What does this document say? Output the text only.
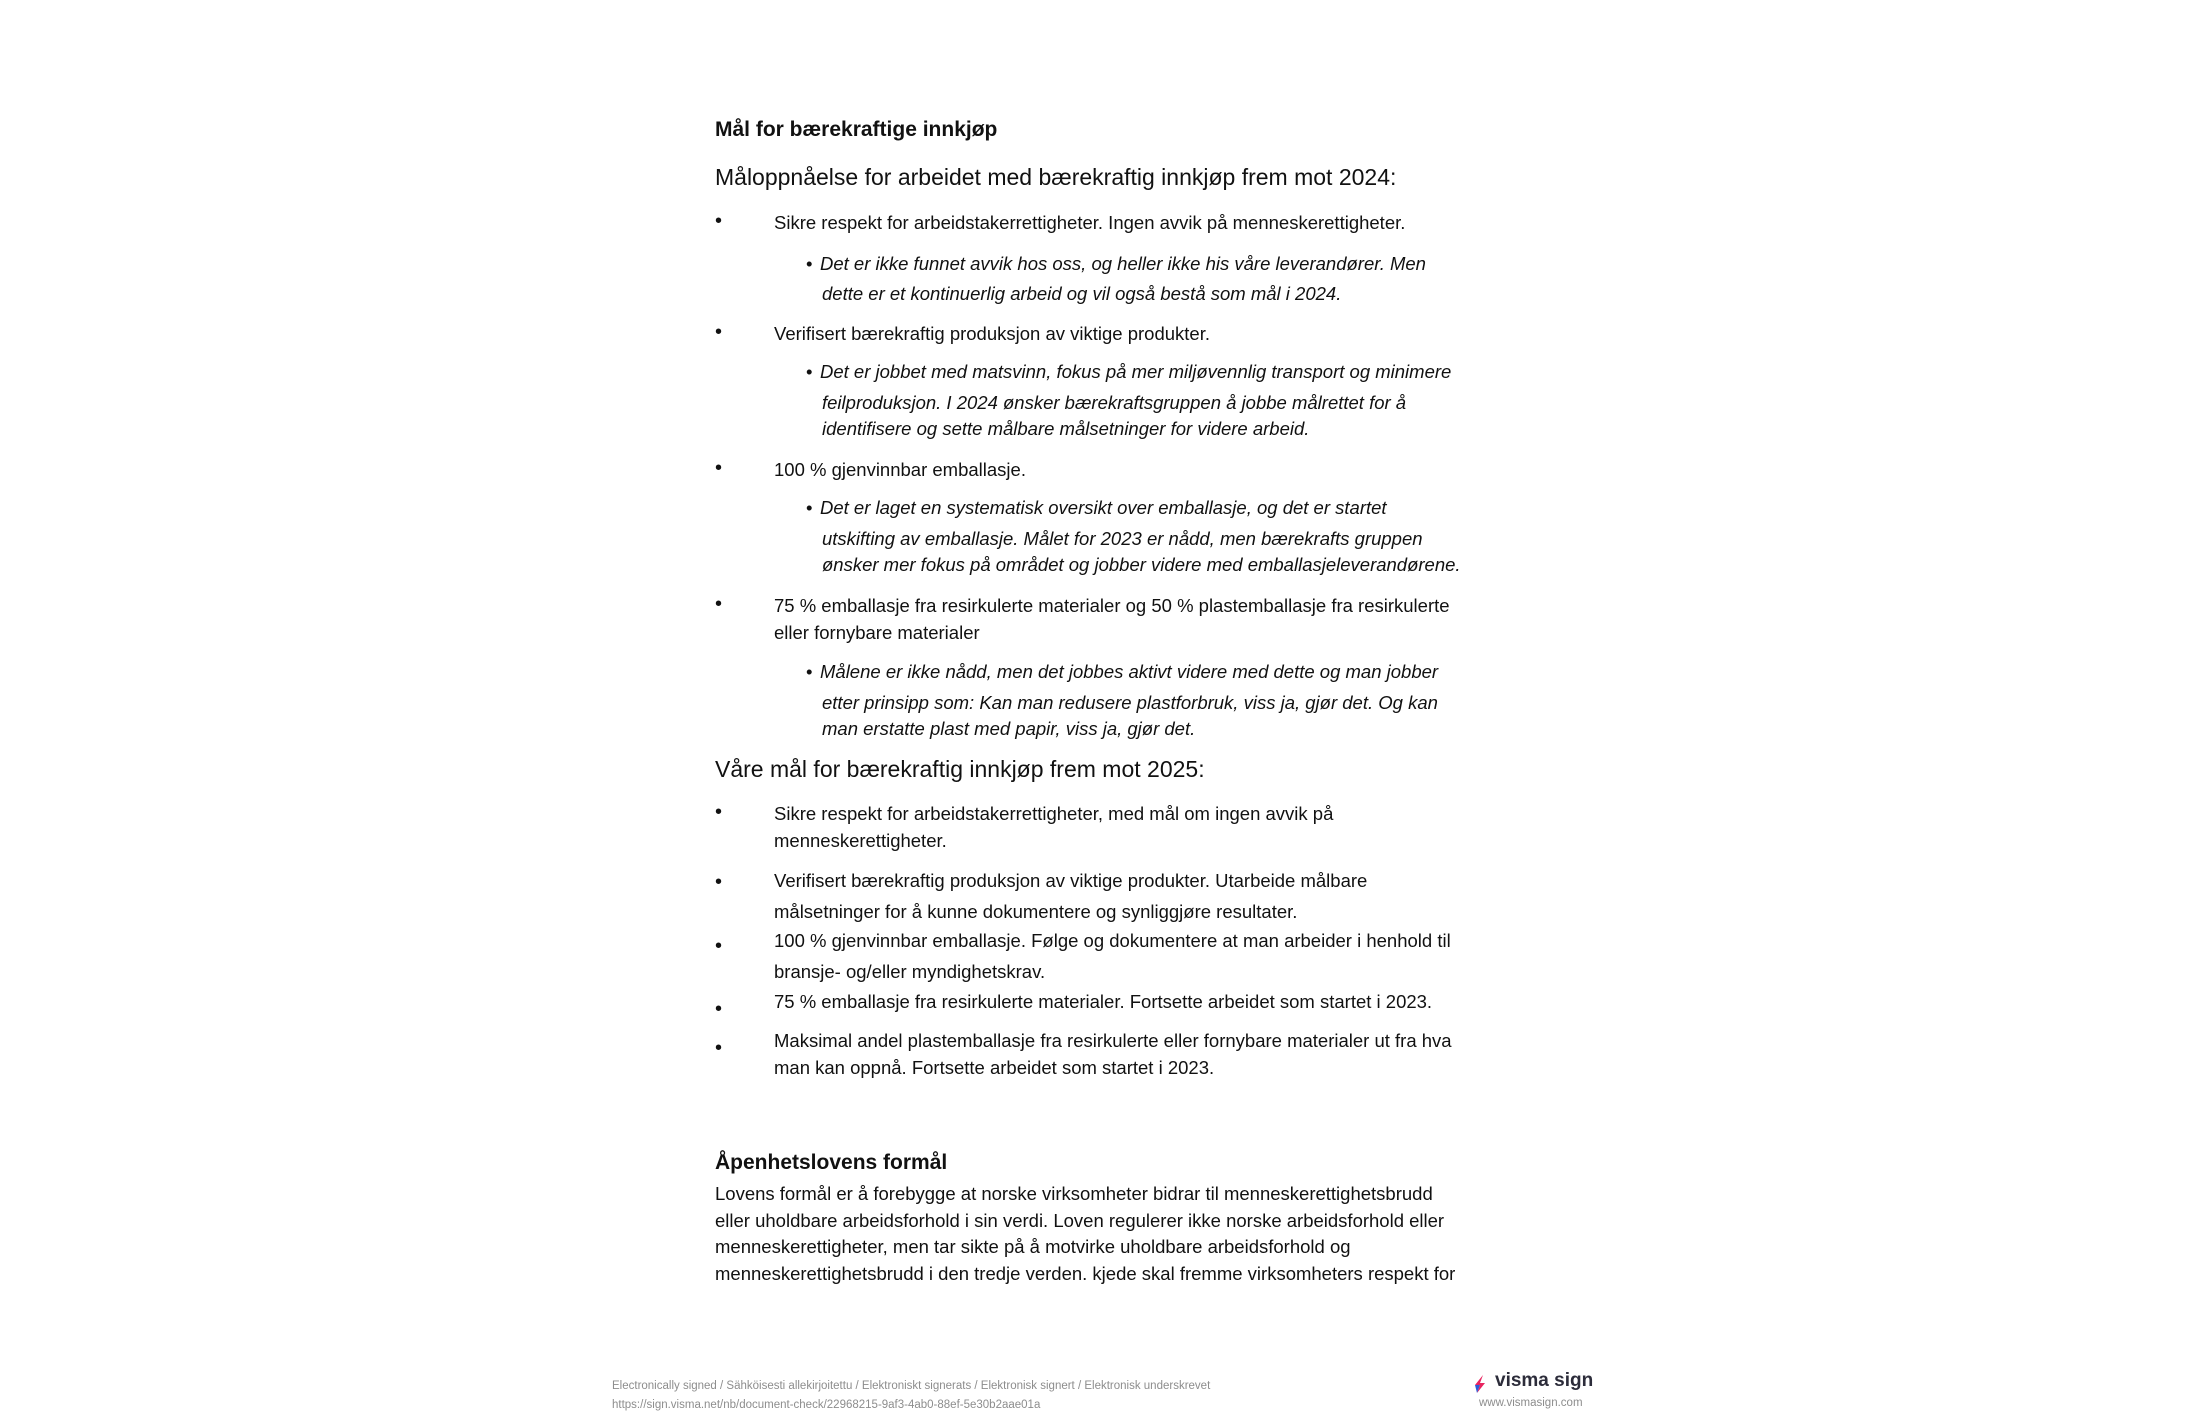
Mål for bærekraftige innkjøp
Måloppnåelse for arbeidet med bærekraftig innkjøp frem mot 2024:
•	Sikre respekt for arbeidstakerrettigheter. Ingen avvik på menneskerettigheter.
• Det er ikke funnet avvik hos oss, og heller ikke his våre leverandører. Men
dette er et kontinuerlig arbeid og vil også bestå som mål i 2024.
•	Verifisert bærekraftig produksjon av viktige produkter.
• Det er jobbet med matsvinn, fokus på mer miljøvennlig transport og minimere
feilproduksjon. I 2024 ønsker bærekraftsgruppen å jobbe målrettet for å
identifisere og sette målbare målsetninger for videre arbeid.
•	100 % gjenvinnbar emballasje.
• Det er laget en systematisk oversikt over emballasje, og det er startet
utskifting av emballasje. Målet for 2023 er nådd, men bærekrafts gruppen
ønsker mer fokus på området og jobber videre med emballasjeleverandørene.
•	75 % emballasje fra resirkulerte materialer og 50 % plastemballasje fra resirkulerte
eller fornybare materialer
• Målene er ikke nådd, men det jobbes aktivt videre med dette og man jobber
etter prinsipp som: Kan man redusere plastforbruk, viss ja, gjør det. Og kan
man erstatte plast med papir, viss ja, gjør det.
Våre mål for bærekraftig innkjøp frem mot 2025:
•	Sikre respekt for arbeidstakerrettigheter, med mål om ingen avvik på
menneskerettigheter.
•	Verifisert bærekraftig produksjon av viktige produkter. Utarbeide målbare
målsetninger for å kunne dokumentere og synliggjøre resultater.
•	100 % gjenvinnbar emballasje. Følge og dokumentere at man arbeider i henhold til
bransje- og/eller myndighetskrav.
•	75 % emballasje fra resirkulerte materialer. Fortsette arbeidet som startet i 2023.
•	Maksimal andel plastemballasje fra resirkulerte eller fornybare materialer ut fra hva
man kan oppnå. Fortsette arbeidet som startet i 2023.
Åpenhetslovens formål
Lovens formål er å forebygge at norske virksomheter bidrar til menneskerettighetsbrudd
eller uholdbare arbeidsforhold i sin verdi. Loven regulerer ikke norske arbeidsforhold eller
menneskerettigheter, men tar sikte på å motvirke uholdbare arbeidsforhold og
menneskerettighetsbrudd i den tredje verden. kjede skal fremme virksomheters respekt for
Electronically signed / Sähköisesti allekirjoitettu / Elektroniskt signerats / Elektronisk signert / Elektronisk underskrevet
https://sign.visma.net/nb/document-check/22968215-9af3-4ab0-88ef-5e30b2aae01a
visma sign
www.vismasign.com
